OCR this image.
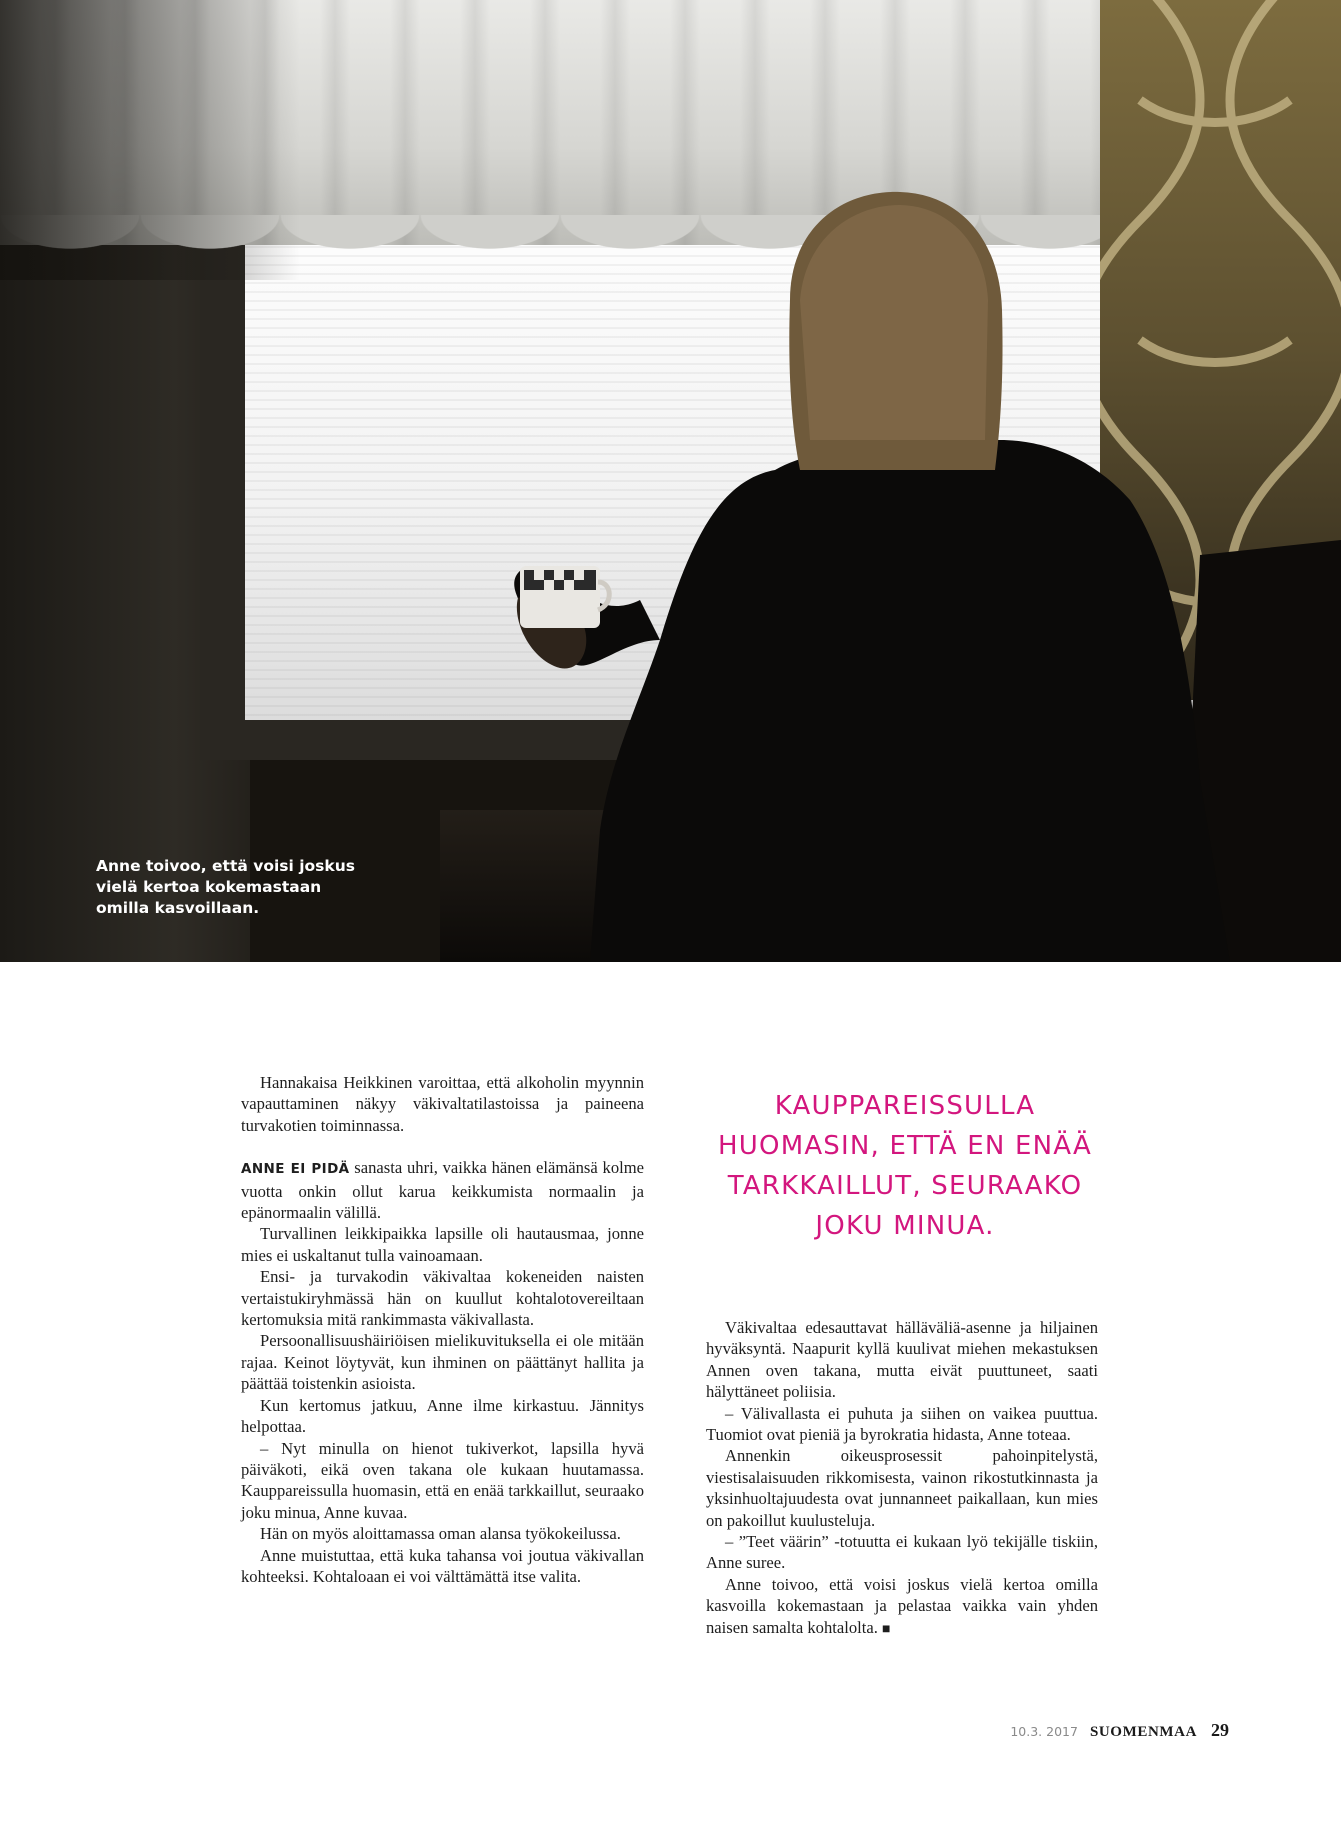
Anne toivoo, että voisi joskus vielä kertoa kokemastaan omilla kasvoillaan.

Hannakaisa Heikkinen varoittaa, että alkoholin myynnin vapauttaminen näkyy väkivaltatilastoissa ja paineena turvakotien toiminnassa.

ANNE EI PIDÄ sanasta uhri, vaikka hänen elämänsä kolme vuotta onkin ollut karua keikkumista normaalin ja epänormaalin välillä.

Turvallinen leikkipaikka lapsille oli hautausmaa, jonne mies ei uskaltanut tulla vainoamaan.

Ensi- ja turvakodin väkivaltaa kokeneiden naisten vertaistukiryhmässä hän on kuullut kohtalotovereiltaan kertomuksia mitä rankimmasta väkivallasta.

Persoonallisuushäiriöisen mielikuvituksella ei ole mitään rajaa. Keinot löytyvät, kun ihminen on päättänyt hallita ja päättää toistenkin asioista.

Kun kertomus jatkuu, Anne ilme kirkastuu. Jännitys helpottaa.

– Nyt minulla on hienot tukiverkot, lapsilla hyvä päiväkoti, eikä oven takana ole kukaan huutamassa. Kauppareissulla huomasin, että en enää tarkkaillut, seuraako joku minua, Anne kuvaa.

Hän on myös aloittamassa oman alansa työkokeilussa.

Anne muistuttaa, että kuka tahansa voi joutua väkivallan kohteeksi. Kohtaloaan ei voi välttämättä itse valita.

KAUPPAREISSULLA HUOMASIN, ETTÄ EN ENÄÄ TARKKAILLUT, SEURAAKO JOKU MINUA.

Väkivaltaa edesauttavat hälläväliä-asenne ja hiljainen hyväksyntä. Naapurit kyllä kuulivat miehen mekastuksen Annen oven takana, mutta eivät puuttuneet, saati hälyttäneet poliisia.

– Välivallasta ei puhuta ja siihen on vaikea puuttua. Tuomiot ovat pieniä ja byrokratia hidasta, Anne toteaa.

Annenkin oikeusprosessit pahoinpitelystä, viestisalaisuuden rikkomisesta, vainon rikostutkinnasta ja yksinhuoltajuudesta ovat junnanneet paikallaan, kun mies on pakoillut kuulusteluja.

– ”Teet väärin” -totuutta ei kukaan lyö tekijälle tiskiin, Anne suree.

Anne toivoo, että voisi joskus vielä kertoa omilla kasvoilla kokemastaan ja pelastaa vaikka vain yhden naisen samalta kohtalolta. ■

10.3. 2017 SUOMENMAA 29
